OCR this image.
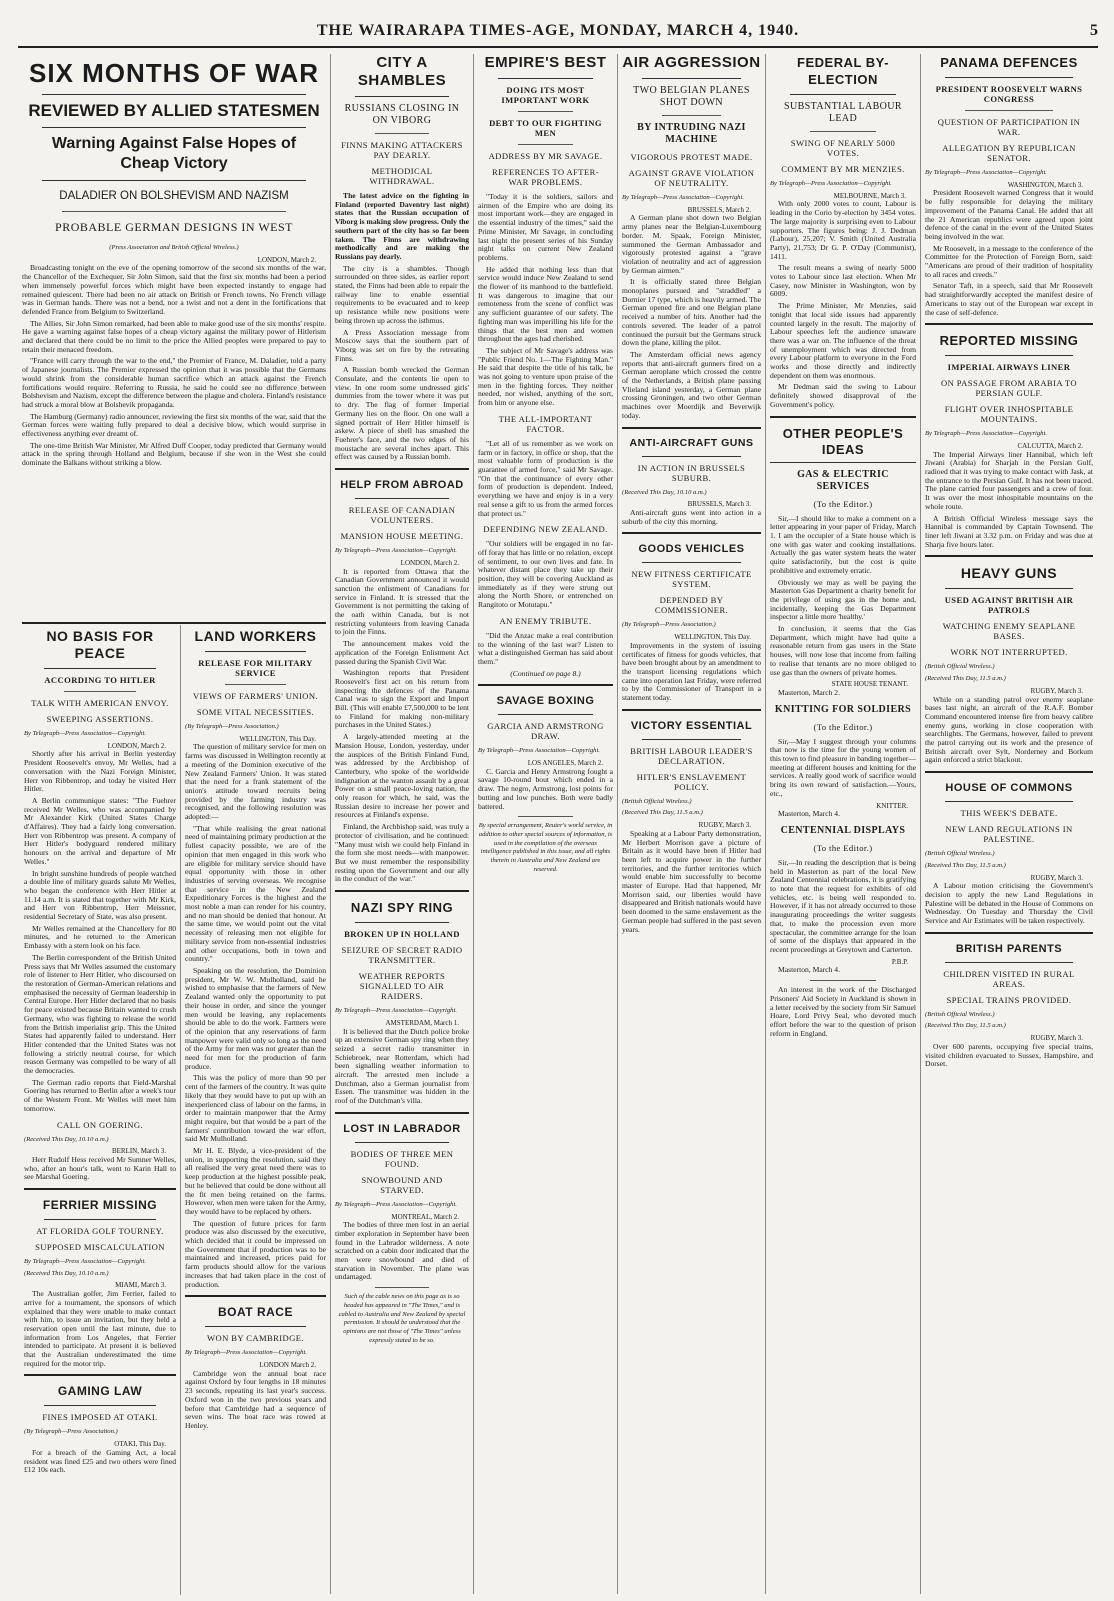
THE WAIRARAPA TIMES-AGE, MONDAY, MARCH 4, 1940.	5
SIX MONTHS OF WAR
REVIEWED BY ALLIED STATESMEN
Warning Against False Hopes of Cheap Victory
DALADIER ON BOLSHEVISM AND NAZISM
PROBABLE GERMAN DESIGNS IN WEST

(Press Association and British Official Wireless.)

LONDON, March 2.

Broadcasting tonight on the eve of the opening tomorrow of the second six months of the war, the Chancellor of the Exchequer, Sir John Simon, said that the first six months had been a period when immensely powerful forces which might have been expected instantly to engage had remained quiescent. There had been no air attack on British or French towns. No French village was in German hands. There was not a bend, nor a twist and not a dent in the fortifications that defended France from Belgium to Switzerland.

The Allies, Sir John Simon remarked, had been able to make good use of the six months' respite. He gave a warning against false hopes of a cheap victory against the military power of Hitlerism and declared that there could be no limit to the price the Allied peoples were prepared to pay to retain their menaced freedom.

"France will carry through the war to the end," the Premier of France, M. Daladier, told a party of Japanese journalists. The Premier expressed the opinion that it was possible that the Germans would shrink from the considerable human sacrifice which an attack against the French fortifications would require. Referring to Russia, he said he could see no difference between Bolshevism and Nazism, except the difference between the plague and cholera. Finland's resistance had struck a moral blow at Bolshevik propaganda.

The Hamburg (Germany) radio announcer, reviewing the first six months of the war, said that the German forces were waiting fully prepared to deal a decisive blow, which would surprise in effectiveness anything ever dreamt of.

The one-time British War Minister, Mr Alfred Duff Cooper, today predicted that Germany would attack in the spring through Holland and Belgium, because if she won in the West she could dominate the Balkans without striking a blow.

NO BASIS FOR PEACE
ACCORDING TO HITLER
TALK WITH AMERICAN ENVOY.
SWEEPING ASSERTIONS.

By Telegraph—Press Association—Copyright.

LONDON, March 2.

Shortly after his arrival in Berlin yesterday President Roosevelt's envoy, Mr Welles, had a conversation with the Nazi Foreign Minister, Herr von Ribbentrop, and today he visited Herr Hitler.

A Berlin communique states: "The Fuehrer received Mr Welles, who was accompanied by Mr Alexander Kirk (United States Charge d'Affaires). They had a fairly long conversation. Herr von Ribbentrop was present. A company of Herr Hitler's bodyguard rendered military honours on the arrival and departure of Mr Welles."

In bright sunshine hundreds of people watched a double line of military guards salute Mr Welles, who began the conference with Herr Hitler at 11.14 a.m. It is stated that together with Mr Kirk, and Herr von Ribbentrop, Herr Meissner, residential Secretary of State, was also present.

Mr Welles remained at the Chancellery for 80 minutes, and he returned to the American Embassy with a stern look on his face.

The Berlin correspondent of the British United Press says that Mr Welles assumed the customary role of listener to Herr Hitler, who discoursed on the restoration of German-American relations and emphasised the necessity of German leadership in Central Europe. Herr Hitler declared that no basis for peace existed because Britain wanted to crush Germany, who was fighting to release the world from the British imperialist grip. This the United States had apparently failed to understand. Herr Hitler contended that the United States was not following a strictly neutral course, for which reason Germany was compelled to be wary of all the democracies.

The German radio reports that Field-Marshal Goering has returned to Berlin after a week's tour of the Western Front. Mr Welles will meet him tomorrow.

CALL ON GOERING.

(Received This Day, 10.10 a.m.)

BERLIN, March 3.

Herr Rudolf Hess received Mr Sumner Welles, who, after an hour's talk, went to Karin Hall to see Marshal Goering.

FERRIER MISSING
AT FLORIDA GOLF TOURNEY.
SUPPOSED MISCALCULATION

By Telegraph—Press Association—Copyright.

(Received This Day, 10.10 a.m.)

MIAMI, March 3.

The Australian golfer, Jim Ferrier, failed to arrive for a tournament, the sponsors of which explained that they were unable to make contact with him, to issue an invitation, but they held a reservation open until the last minute, due to information from Los Angeles, that Ferrier intended to participate. At present it is believed that the Australian underestimated the time required for the motor trip.

GAMING LAW
FINES IMPOSED AT OTAKI.

(By Telegraph—Press Association.)

OTAKI, This Day.

For a breach of the Gaming Act, a local resident was fined £25 and two others were fined £12 10s each.

LAND WORKERS
RELEASE FOR MILITARY SERVICE
VIEWS OF FARMERS' UNION.
SOME VITAL NECESSITIES.

(By Telegraph—Press Association.)

WELLINGTON, This Day.

The question of military service for men on farms was discussed in Wellington recently at a meeting of the Dominion executive of the New Zealand Farmers' Union. It was stated that the need for a frank statement of the union's attitude toward recruits being provided by the farming industry was recognised, and the following resolution was adopted:—

"That while realising the great national need of maintaining primary production at the fullest capacity possible, we are of the opinion that men engaged in this work who are eligible for military service should have equal opportunity with those in other industries of serving overseas. We recognise that service in the New Zealand Expeditionary Forces is the highest and the most noble a man can render for his country, and no man should be denied that honour. At the same time, we would point out the vital necessity of releasing men not eligible for military service from non-essential industries and other occupations, both in town and country."

Speaking on the resolution, the Dominion president, Mr W. W. Mulholland, said he wished to emphasise that the farmers of New Zealand wanted only the opportunity to put their house in order, and since the younger men would be leaving, any replacements should be able to do the work. Farmers were of the opinion that any reservations of farm manpower were valid only so long as the need of the Army for men was not greater than the need for men for the production of farm produce.

This was the policy of more than 90 per cent of the farmers of the country. It was quite likely that they would have to put up with an inexperienced class of labour on the farms, in order to maintain manpower that the Army might require, but that would be a part of the farmers' contribution toward the war effort, said Mr Mulholland.

Mr H. E. Blyde, a vice-president of the union, in supporting the resolution, said they all realised the very great need there was to keep production at the highest possible peak, but he believed that could be done without all the fit men being retained on the farms. However, when men were taken for the Army, they would have to be replaced by others.

The question of future prices for farm produce was also discussed by the executive, which decided that it could be impressed on the Government that if production was to be maintained and increased, prices paid for farm products should allow for the various increases that had taken place in the cost of production.

BOAT RACE
WON BY CAMBRIDGE.

By Telegraph—Press Association—Copyright.

LONDON March 2.

Cambridge won the annual boat race against Oxford by four lengths in 18 minutes 23 seconds, repeating its last year's success. Oxford won in the two previous years and before that Cambridge had a sequence of seven wins. The boat race was rowed at Henley.

CITY A SHAMBLES
RUSSIANS CLOSING IN ON VIBORG
FINNS MAKING ATTACKERS PAY DEARLY.
METHODICAL WITHDRAWAL.

The latest advice on the fighting in Finland (reported Daventry last night) states that the Russian occupation of Viborg is making slow progress. Only the southern part of the city has so far been taken. The Finns are withdrawing methodically and are making the Russians pay dearly.

The city is a shambles. Though surrounded on three sides, as earlier report stated, the Finns had been able to repair the railway line to enable essential requirements to be evacuated and to keep up resistance while new positions were being thrown up across the isthmus.

A Press Association message from Moscow says that the southern part of Viborg was set on fire by the retreating Finns.

A Russian bomb wrecked the German Consulate, and the contents lie open to view. In one room some undressed girls' dummies from the tower where it was put to dry. The flag of former Imperial Germany lies on the floor. On one wall a signed portrait of Herr Hitler himself is askew. A piece of shell has smashed the Fuehrer's face, and the two edges of his moustache are several inches apart. This effect was caused by a Russian bomb.

HELP FROM ABROAD
RELEASE OF CANADIAN VOLUNTEERS.
MANSION HOUSE MEETING.

By Telegraph—Press Association—Copyright.

LONDON, March 2.

It is reported from Ottawa that the Canadian Government announced it would sanction the enlistment of Canadians for service in Finland. It is stressed that the Government is not permitting the taking of the oath within Canada, but is not restricting volunteers from leaving Canada to join the Finns.

The announcement makes void the application of the Foreign Enlistment Act passed during the Spanish Civil War.

Washington reports that President Roosevelt's first act on his return from inspecting the defences of the Panama Canal was to sign the Export and Import Bill. (This will enable £7,500,000 to be lent to Finland for making non-military purchases in the United States.)

A largely-attended meeting at the Mansion House, London, yesterday, under the auspices of the British Finland Fund, was addressed by the Archbishop of Canterbury, who spoke of the worldwide indignation at the wanton assault by a great Power on a small peace-loving nation, the only reason for which, he said, was the Russian desire to increase her power and resources at Finland's expense.

Finland, the Archbishop said, was truly a protector of civilisation, and he continued: "Many must wish we could help Finland in the form she most needs—with manpower. But we must remember the responsibility resting upon the Government and our ally in the conduct of the war."

NAZI SPY RING
BROKEN UP IN HOLLAND
SEIZURE OF SECRET RADIO TRANSMITTER.
WEATHER REPORTS SIGNALLED TO AIR RAIDERS.

By Telegraph—Press Association—Copyright.

AMSTERDAM, March 1.

It is believed that the Dutch police broke up an extensive German spy ring when they seized a secret radio transmitter in Schiebroek, near Rotterdam, which had been signalling weather information to aircraft. The arrested men include a Dutchman, also a German journalist from Essen. The transmitter was hidden in the roof of the Dutchman's villa.

LOST IN LABRADOR
BODIES OF THREE MEN FOUND.
SNOWBOUND AND STARVED.

By Telegraph—Press Association—Copyright.

MONTREAL, March 2.

The bodies of three men lost in an aerial timber exploration in September have been found in the Labrador wilderness. A note scratched on a cabin door indicated that the men were snowbound and died of starvation in November. The plane was undamaged.

Such of the cable news on this page as is so headed has appeared in "The Times," and is cabled to Australia and New Zealand by special permission. It should be understood that the opinions are not those of "The Times" unless expressly stated to be so.

EMPIRE'S BEST
DOING ITS MOST IMPORTANT WORK
DEBT TO OUR FIGHTING MEN
ADDRESS BY MR SAVAGE.
REFERENCES TO AFTER-WAR PROBLEMS.

"Today it is the soldiers, sailors and airmen of the Empire who are doing its most important work—they are engaged in the essential industry of the times," said the Prime Minister, Mr Savage, in concluding last night the present series of his Sunday night talks on current New Zealand problems.

He added that nothing less than that service would induce New Zealand to send the flower of its manhood to the battlefield. It was dangerous to imagine that our remoteness from the scene of conflict was any sufficient guarantee of our safety. The fighting man was imperilling his life for the things that the best men and women throughout the ages had cherished.

The subject of Mr Savage's address was "Public Friend No. 1—The Fighting Man." He said that despite the title of his talk, he was not going to venture upon praise of the men in the fighting forces. They neither needed, nor wished, anything of the sort, from him or anyone else.

THE ALL-IMPORTANT FACTOR.

"Let all of us remember as we work on farm or in factory, in office or shop, that the most valuable form of production is the guarantee of armed force," said Mr Savage. "On that the continuance of every other form of production is dependent. Indeed, everything we have and enjoy is in a very real sense a gift to us from the armed forces that protect us."

DEFENDING NEW ZEALAND.

"Our soldiers will be engaged in no far-off foray that has little or no relation, except of sentiment, to our own lives and fate. In whatever distant place they take up their position, they will be covering Auckland as immediately as if they were strung out along the North Shore, or entrenched on Rangitoto or Motutapu."

AN ENEMY TRIBUTE.

"Did the Anzac make a real contribution to the winning of the last war? Listen to what a distinguished German has said about them."

(Continued on page 8.)

SAVAGE BOXING
GARCIA AND ARMSTRONG DRAW.

By Telegraph—Press Association—Copyright.

LOS ANGELES, March 2.

C. Garcia and Henry Armstrong fought a savage 10-round bout which ended in a draw. The negro, Armstrong, lost points for butting and low punches. Both were badly battered.

By special arrangement, Reuter's world service, in addition to other special sources of information, is used in the compilation of the overseas intelligence published in this issue, and all rights therein in Australia and New Zealand are reserved.

AIR AGGRESSION
TWO BELGIAN PLANES SHOT DOWN
BY INTRUDING NAZI MACHINE
VIGOROUS PROTEST MADE.
AGAINST GRAVE VIOLATION OF NEUTRALITY.

By Telegraph—Press Association—Copyright.

BRUSSELS, March 2.

A German plane shot down two Belgian army planes near the Belgian-Luxembourg border. M. Spaak, Foreign Minister, summoned the German Ambassador and vigorously protested against a "grave violation of neutrality and act of aggression by German airmen."

It is officially stated three Belgian monoplanes pursued and "straddled" a Dornier 17 type, which is heavily armed. The German opened fire and one Belgian plane received a number of hits. Another had the controls severed. The leader of a patrol continued the pursuit but the Germans struck down the plane, killing the pilot.

The Amsterdam official news agency reports that anti-aircraft gunners fired on a German aeroplane which crossed the centre of the Netherlands, a British plane passing Vlieland island yesterday, a German plane crossing Groningen, and two other German machines over Moerdijk and Beverwijk today.

ANTI-AIRCRAFT GUNS
IN ACTION IN BRUSSELS SUBURB.

(Received This Day, 10.10 a.m.)

BRUSSELS, March 3.

Anti-aircraft guns went into action in a suburb of the city this morning.

GOODS VEHICLES
NEW FITNESS CERTIFICATE SYSTEM.
DEPENDED BY COMMISSIONER.

(By Telegraph—Press Association.)

WELLINGTON, This Day.

Improvements in the system of issuing certificates of fitness for goods vehicles, that have been brought about by an amendment to the transport licensing regulations which came into operation last Friday, were referred to by the Commissioner of Transport in a statement today.

VICTORY ESSENTIAL
BRITISH LABOUR LEADER'S DECLARATION.
HITLER'S ENSLAVEMENT POLICY.

(British Official Wireless.)

(Received This Day, 11.5 a.m.)

RUGBY, March 3.

Speaking at a Labour Party demonstration, Mr Herbert Morrison gave a picture of Britain as it would have been if Hitler had been left to acquire power in the further territories, and the further territories which would enable him successfully to become master of Europe. Had that happened, Mr Morrison said, our liberties would have disappeared and British nationals would have been doomed to the same enslavement as the German people had suffered in the past seven years.

FEDERAL BY-ELECTION
SUBSTANTIAL LABOUR LEAD
SWING OF NEARLY 5000 VOTES.
COMMENT BY MR MENZIES.

By Telegraph—Press Association—Copyright.

MELBOURNE, March 3.

With only 2000 votes to count, Labour is leading in the Corio by-election by 3454 votes. The large majority is surprising even to Labour supporters. The figures being: J. J. Dedman (Labour), 25,207; V. Smith (United Australia Party), 21,753; Dr G. P. O'Day (Communist), 1411.

The result means a swing of nearly 5000 votes to Labour since last election. When Mr Casey, now Minister in Washington, won by 6009.

The Prime Minister, Mr Menzies, said tonight that local side issues had apparently counted largely in the result. The majority of Labour speeches left the audience unaware there was a war on. The influence of the threat of unemployment which was directed from every Labour platform to everyone in the Ford works and those directly and indirectly dependent on them was enormous.

Mr Dedman said the swing to Labour definitely showed disapproval of the Government's policy.

OTHER PEOPLE'S IDEAS
GAS & ELECTRIC SERVICES
(To the Editor.)

Sir,—I should like to make a comment on a letter appearing in your paper of Friday, March 1. I am the occupier of a State house which is one with gas water and cooking installations. Actually the gas water system heats the water quite satisfactorily, but the cost is quite prohibitive and extremely erratic.

Obviously we may as well be paying the Masterton Gas Department a charity benefit for the privilege of using gas in the home and, incidentally, keeping the Gas Department inspector a little more 'healthy.'

In conclusion, it seems that the Gas Department, which might have had quite a reasonable return from gas users in the State houses, will now lose that income from failing to realise that tenants are no more obliged to use gas than the owners of private homes.

STATE HOUSE TENANT.

Masterton, March 2.

KNITTING FOR SOLDIERS
(To the Editor.)

Sir,—May I suggest through your columns that now is the time for the young women of this town to find pleasure in banding together—meeting at different houses and knitting for the services. A really good work of sacrifice would bring its own reward of satisfaction.—Yours, etc.,

KNITTER.

Masterton, March 4.

CENTENNIAL DISPLAYS
(To the Editor.)

Sir,—In reading the description that is being held in Masterton as part of the local New Zealand Centennial celebrations, it is gratifying to note that the request for exhibits of old vehicles, etc. is being well responded to. However, if it has not already occurred to those inaugurating proceedings the writer suggests that, to make the procession even more spectacular, the committee arrange for the loan of some of the displays that appeared in the recent proceedings at Greytown and Carterton.

P.B.P.

Masterton, March 4.

An interest in the work of the Discharged Prisoners' Aid Society in Auckland is shown in a letter received by the society from Sir Samuel Hoare, Lord Privy Seal, who devoted much effort before the war to the question of prison reform in England.

PANAMA DEFENCES
PRESIDENT ROOSEVELT WARNS CONGRESS
QUESTION OF PARTICIPATION IN WAR.
ALLEGATION BY REPUBLICAN SENATOR.

By Telegraph—Press Association—Copyright.

WASHINGTON, March 3.

President Roosevelt warned Congress that it would be fully responsible for delaying the military improvement of the Panama Canal. He added that all the 21 American republics were agreed upon joint defence of the canal in the event of the United States being involved in the war.

Mr Roosevelt, in a message to the conference of the Committee for the Protection of Foreign Born, said: "Americans are proud of their tradition of hospitality to all races and creeds."

Senator Taft, in a speech, said that Mr Roosevelt had straightforwardly accepted the manifest desire of Americans to stay out of the European war except in the case of self-defence.

REPORTED MISSING
IMPERIAL AIRWAYS LINER
ON PASSAGE FROM ARABIA TO PERSIAN GULF.
FLIGHT OVER INHOSPITABLE MOUNTAINS.

By Telegraph—Press Association—Copyright.

CALCUTTA, March 2.

The Imperial Airways liner Hannibal, which left Jiwani (Arabia) for Sharjah in the Persian Gulf, radioed that it was trying to make contact with Jask, at the entrance to the Persian Gulf. It has not been traced. The plane carried four passengers and a crew of four. It was over the most inhospitable mountains on the whole route.

A British Official Wireless message says the Hannibal is commanded by Captain Townsend. The liner left Jiwani at 3.32 p.m. on Friday and was due at Sharja five hours later.

HEAVY GUNS
USED AGAINST BRITISH AIR PATROLS
WATCHING ENEMY SEAPLANE BASES.
WORK NOT INTERRUPTED.

(British Official Wireless.)

(Received This Day, 11.5 a.m.)

RUGBY, March 3.

While on a standing patrol over enemy seaplane bases last night, an aircraft of the R.A.F. Bomber Command encountered intense fire from heavy calibre enemy guns, working in close cooperation with searchlights. The Germans, however, failed to prevent the patrol carrying out its work and the presence of British aircraft over Sylt, Norderney and Borkum again enforced a strict blackout.

HOUSE OF COMMONS
THIS WEEK'S DEBATE.
NEW LAND REGULATIONS IN PALESTINE.

(British Official Wireless.)

(Received This Day, 11.5 a.m.)

RUGBY, March 3.

A Labour motion criticising the Government's decision to apply the new Land Regulations in Palestine will be debated in the House of Commons on Wednesday. On Tuesday and Thursday the Civil Service and Air Estimates will be taken respectively.

BRITISH PARENTS
CHILDREN VISITED IN RURAL AREAS.
SPECIAL TRAINS PROVIDED.

(British Official Wireless.)

(Received This Day, 11.5 a.m.)

RUGBY, March 3.

Over 600 parents, occupying five special trains, visited children evacuated to Sussex, Hampshire, and Dorset.
